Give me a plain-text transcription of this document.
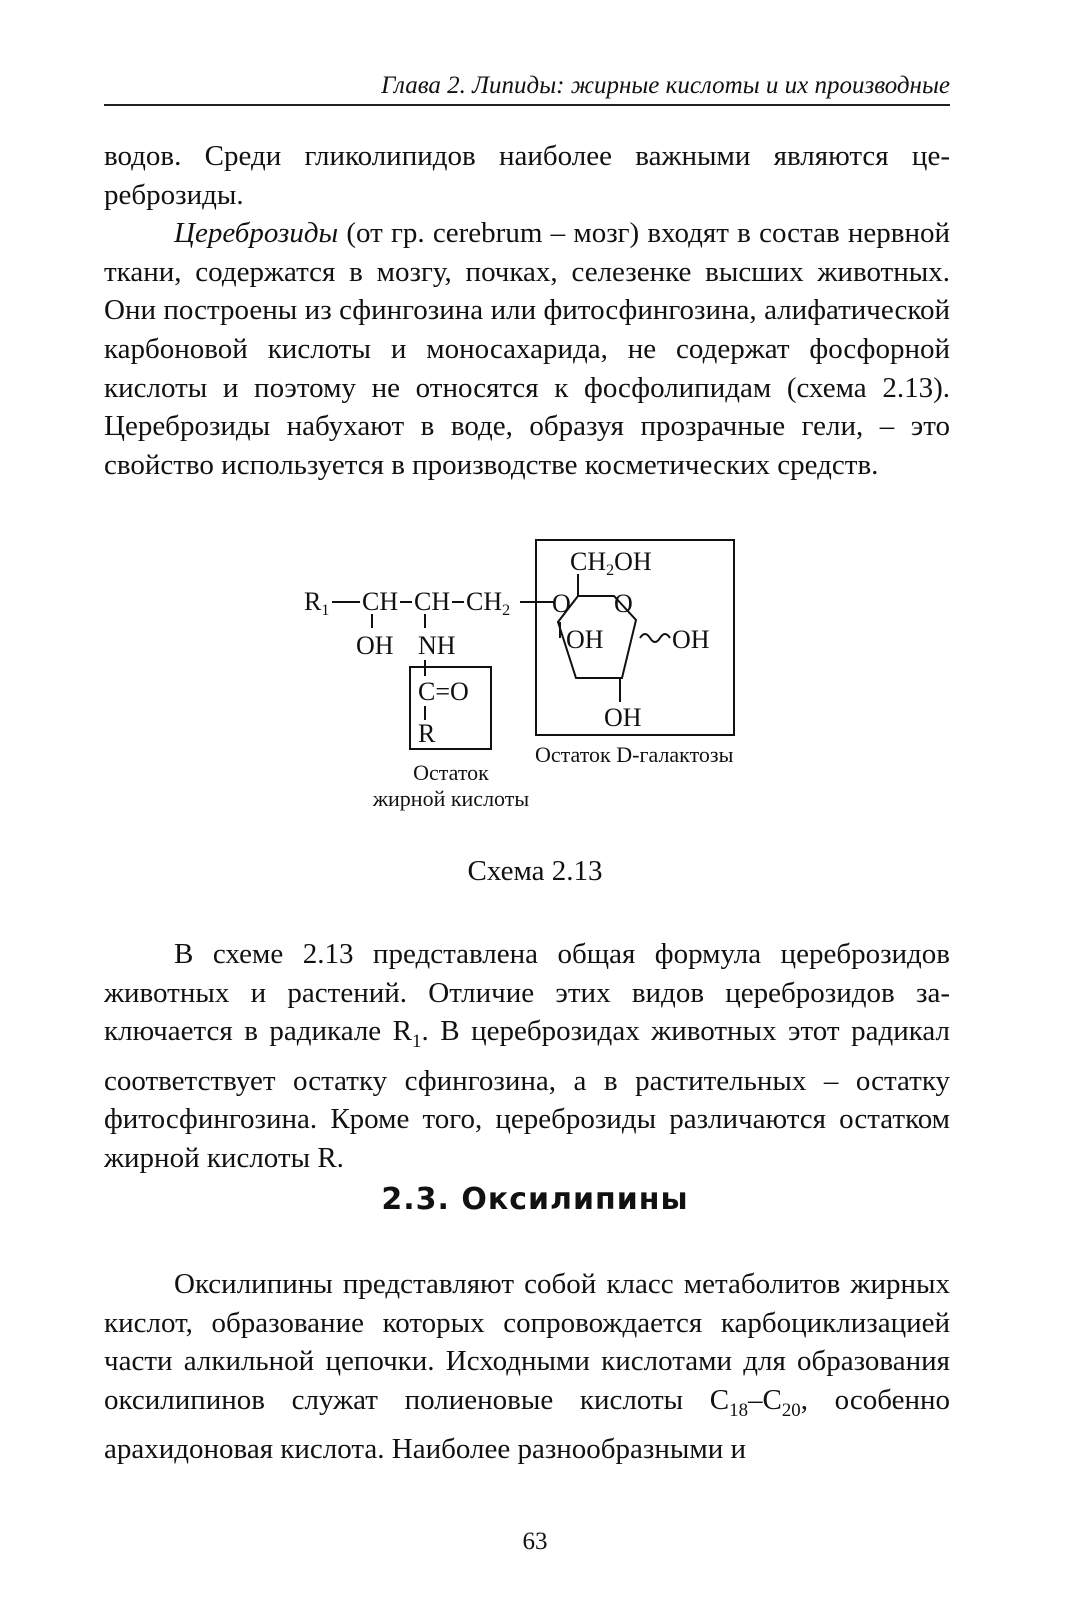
Глава 2. Липиды: жирные кислоты и их производные

водов. Среди гликолипидов наиболее важными являются цереброзиды.

Цереброзиды (от гр. cerebrum – мозг) входят в состав нервной ткани, содержатся в мозгу, почках, селезенке высших животных. Они построены из сфингозина или фитосфингозина, алифатической карбоновой кислоты и моносахарида, не содержат фосфорной кислоты и поэтому не относятся к фосфолипидам (схема 2.13). Цереброзиды набухают в воде, образуя прозрачные гели, – это свойство используется в производстве косметических средств.

R1 CH CH CH2
OH NH
C=O
R
CH2OH
O O
OH	OH
OH
Остаток D-галактозы
Остаток
жирной кислоты
Схема 2.13

В схеме 2.13 представлена общая формула цереброзидов животных и растений. Отличие этих видов цереброзидов заключается в радикале $R_1$. В цереброзидах животных этот радикал соответствует остатку сфингозина, а в растительных – остатку фитосфингозина. Кроме того, цереброзиды различаются остатком жирной кислоты R.

2.3. Оксилипины

Оксилипины представляют собой класс метаболитов жирных кислот, образование которых сопровождается карбоциклизацией части алкильной цепочки. Исходными кислотами для образования оксилипинов служат полиеновые кислоты $C_{18}-C_{20}$, особенно арахидоновая кислота. Наиболее разнообразными и

63
